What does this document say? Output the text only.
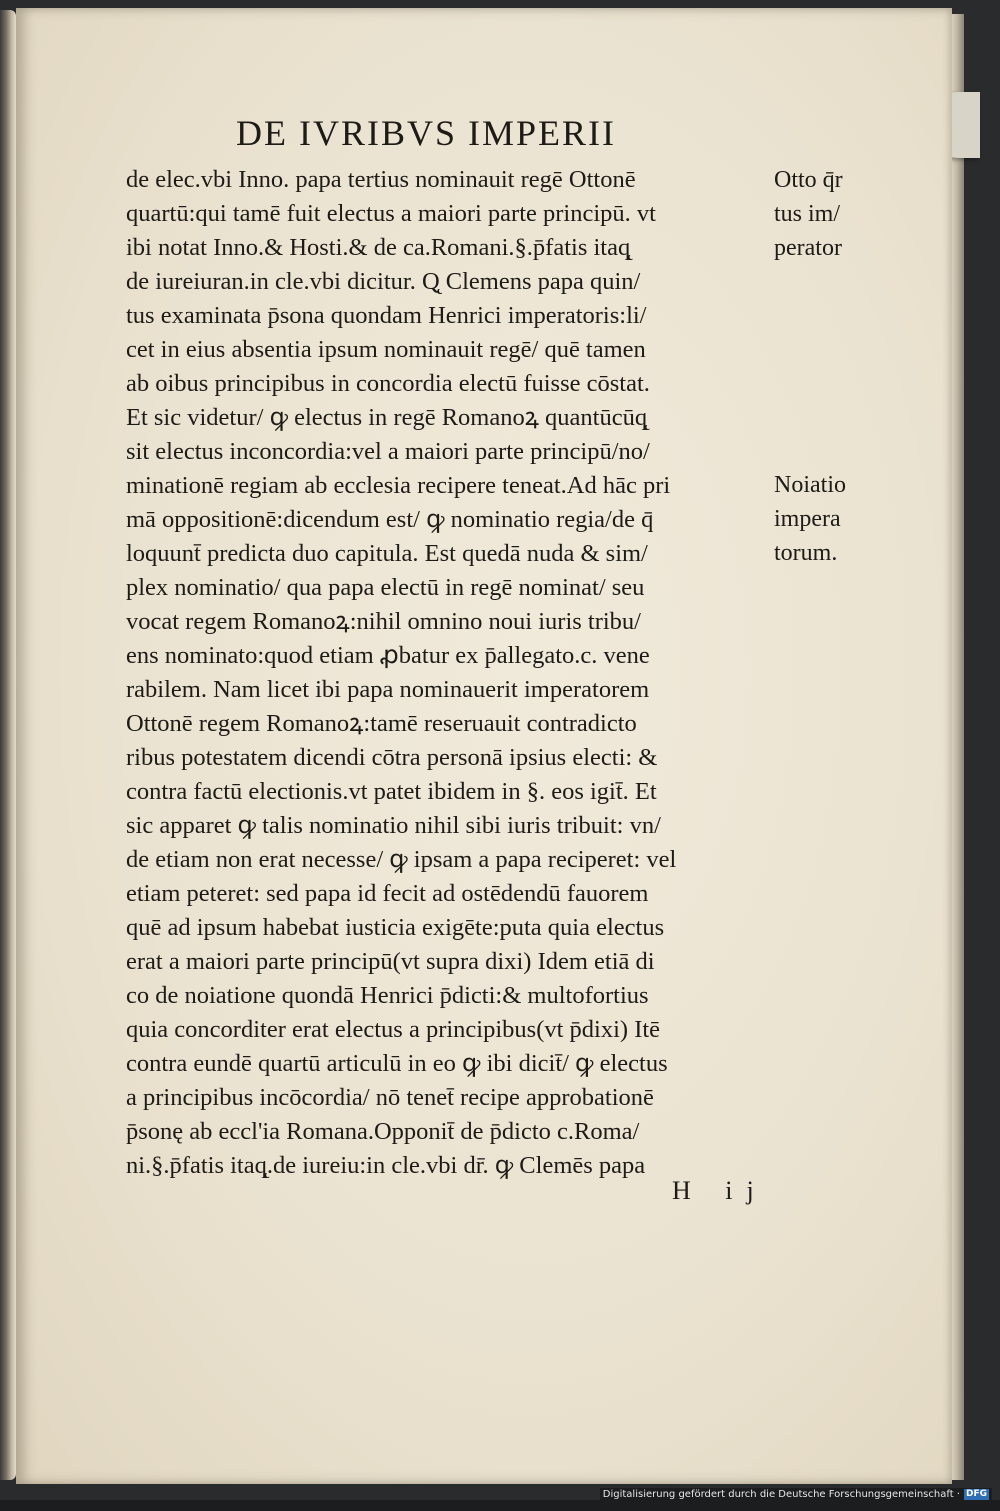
DE IVRIBVS IMPERII
de elec.vbi Inno. papa tertius nominauit regē Ottonē
quartū:qui tamē fuit electus a maiori parte principū. vt
ibi notat Inno.& Hosti.& de ca.Romani.§.p̄fatis itaq̨
de iureiuran.in cle.vbi dicitur. Q̨ Clemens papa quin/
tus examinata p̄sona quondam Henrici imperatoris:li/
cet in eius absentia ipsum nominauit regē/ quē tamen
ab oibus principibus in concordia electū fuisse cōstat.
Et sic videtur/ ꝙ electus in regē Romanoꝝ quantūcūq̨
sit electus inconcordia:vel a maiori parte principū/no/
minationē regiam ab ecclesia recipere teneat.Ad hāc pri
mā oppositionē:dicendum est/ ꝙ nominatio regia/de q̄
loquunt̄ predicta duo capitula. Est quedā nuda & sim/
plex nominatio/ qua papa electū in regē nominat/ seu
vocat regem Romanoꝝ:nihil omnino noui iuris tribu/
ens nominato:quod etiam ꝓbatur ex p̄allegato.c. vene
rabilem. Nam licet ibi papa nominauerit imperatorem
Ottonē regem Romanoꝝ:tamē reseruauit contradicto
ribus potestatem dicendi cōtra personā ipsius electi: &
contra factū electionis.vt patet ibidem in §. eos igit̄. Et
sic apparet ꝙ talis nominatio nihil sibi iuris tribuit: vn/
de etiam non erat necesse/ ꝙ ipsam a papa reciperet: vel
etiam peteret: sed papa id fecit ad ostēdendū fauorem
quē ad ipsum habebat iusticia exigēte:puta quia electus
erat a maiori parte principū(vt supra dixi) Idem etiā di
co de noiatione quondā Henrici p̄dicti:& multofortius
quia concorditer erat electus a principibus(vt p̄dixi) Itē
contra eundē quartū articulū in eo ꝙ ibi dicit̄/ ꝙ electus
a principibus incōcordia/ nō tenet̄ recipe approbationē
p̄sonę ab eccl'ia Romana.Opponit̄ de p̄dicto c.Roma/
ni.§.p̄fatis itaq̨.de iureiu:in cle.vbi dr̄. ꝙ Clemēs papa
Otto q̄r
tus im/
perator
Noiatio
impera
torum.
H ij
Digitalisierung gefördert durch die Deutsche Forschungsgemeinschaft · DFG
